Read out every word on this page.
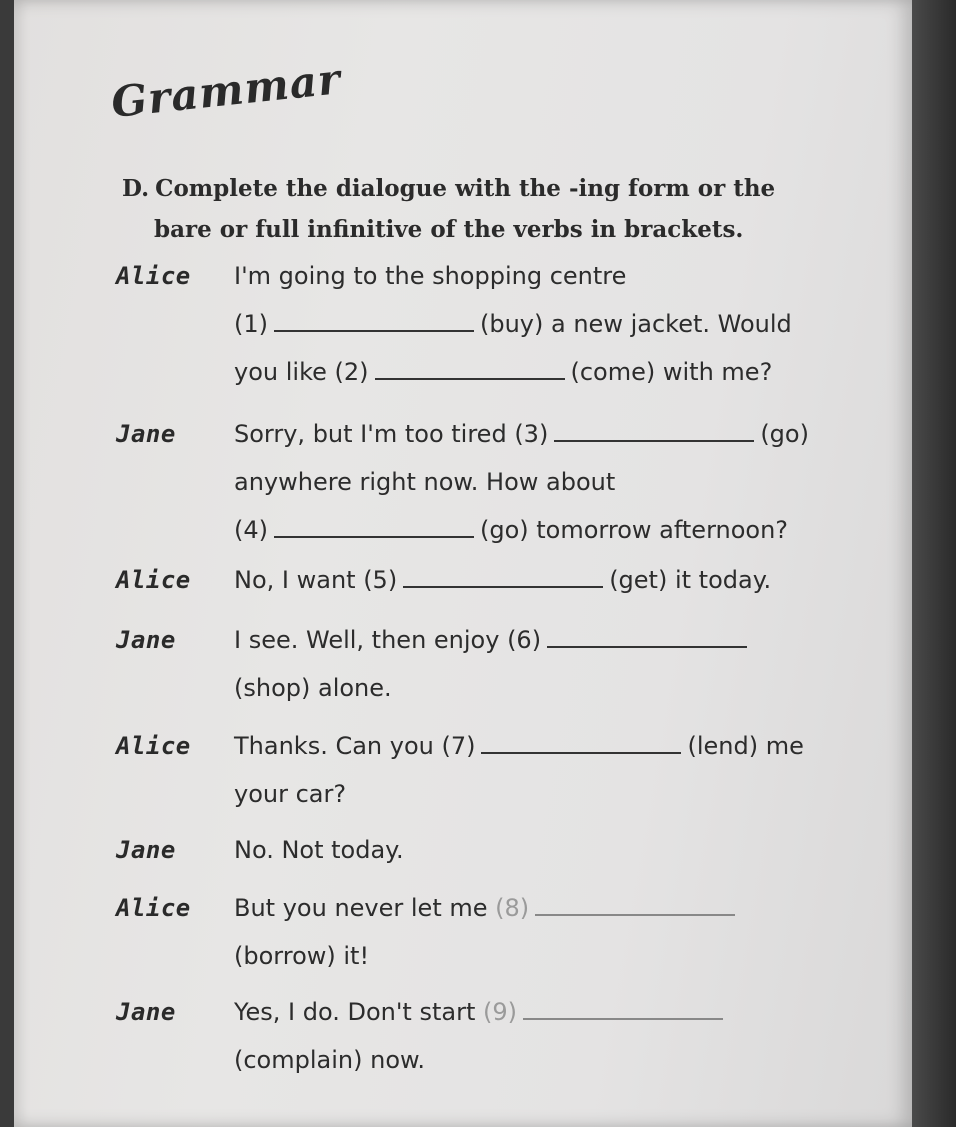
Grammar
D. Complete the dialogue with the -ing form or the
bare or full infinitive of the verbs in brackets.
Alice	I'm going to the shopping centre
(1)	(buy) a new jacket. Would
you like (2)	(come) with me?
Jane	Sorry, but I'm too tired (3)	(go)
anywhere right now. How about
(4)	(go) tomorrow afternoon?
Alice	No, I want (5)	(get) it today.
Jane	I see. Well, then enjoy (6)
(shop) alone.
Alice	Thanks. Can you (7)	(lend) me
your car?
Jane	No. Not today.
Alice	But you never let me (8)
(borrow) it!
Jane	Yes, I do. Don't start (9)
(complain) now.
